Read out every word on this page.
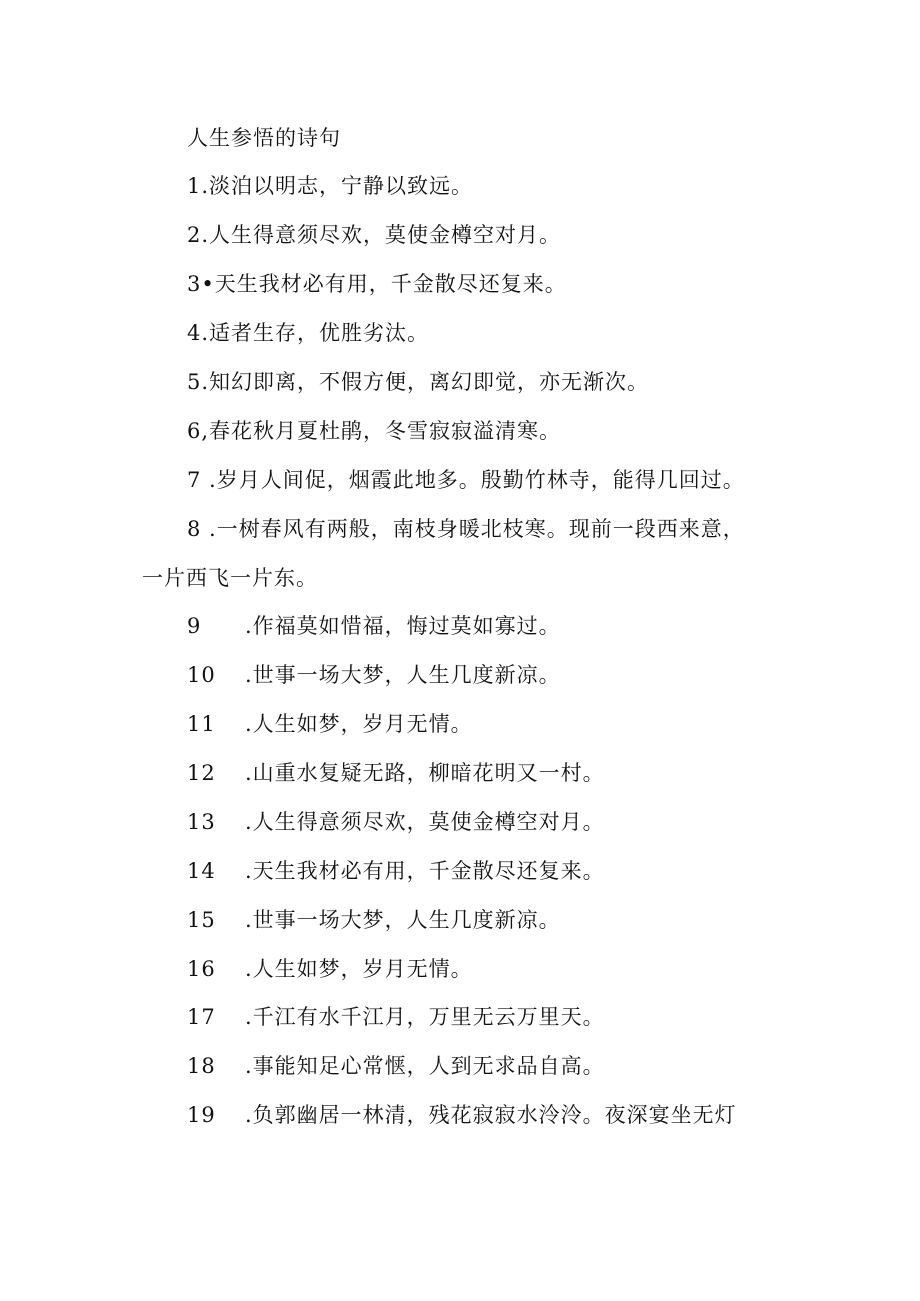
人生参悟的诗句
1.淡泊以明志，宁静以致远。
2.人生得意须尽欢，莫使金樽空对月。
3•天生我材必有用，千金散尽还复来。
4.适者生存，优胜劣汰。
5.知幻即离，不假方便，离幻即觉，亦无渐次。
6,春花秋月夏杜鹃，冬雪寂寂溢清寒。
7 .岁月人间促，烟霞此地多。殷勤竹林寺，能得几回过。
8 .一树春风有两般，南枝身暖北枝寒。现前一段西来意，
一片西飞一片东。
9 .作福莫如惜福，悔过莫如寡过。
10 .世事一场大梦，人生几度新凉。
11 .人生如梦，岁月无情。
12 .山重水复疑无路，柳暗花明又一村。
13 .人生得意须尽欢，莫使金樽空对月。
14 .天生我材必有用，千金散尽还复来。
15 .世事一场大梦，人生几度新凉。
16 .人生如梦，岁月无情。
17 .千江有水千江月，万里无云万里天。
18 .事能知足心常惬，人到无求品自高。
19 .负郭幽居一林清，残花寂寂水泠泠。夜深宴坐无灯
